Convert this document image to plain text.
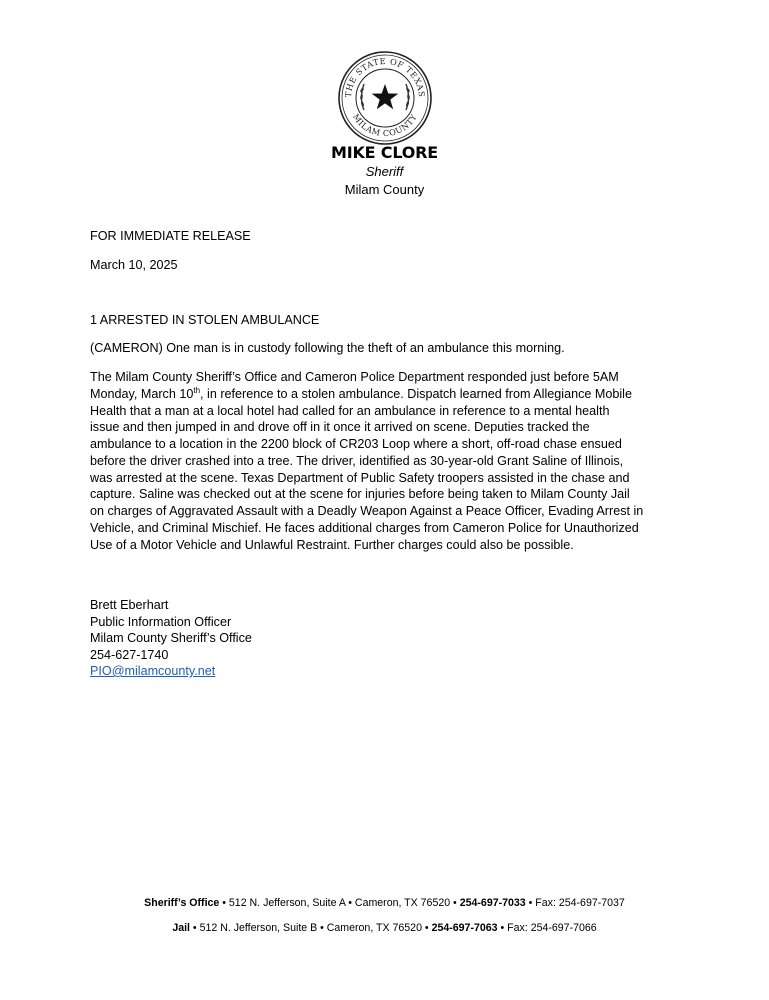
THE STATE OF TEXAS
MILAM COUNTY
MIKE CLORE
Sheriff
Milam County
FOR IMMEDIATE RELEASE
March 10, 2025
1 ARRESTED IN STOLEN AMBULANCE
(CAMERON) One man is in custody following the theft of an ambulance this morning.

The Milam County Sheriff’s Office and Cameron Police Department responded just before 5AM

Monday, March 10th, in reference to a stolen ambulance. Dispatch learned from Allegiance Mobile

Health that a man at a local hotel had called for an ambulance in reference to a mental health

issue and then jumped in and drove off in it once it arrived on scene. Deputies tracked the

ambulance to a location in the 2200 block of CR203 Loop where a short, off-road chase ensued

before the driver crashed into a tree. The driver, identified as 30-year-old Grant Saline of Illinois,

was arrested at the scene. Texas Department of Public Safety troopers assisted in the chase and

capture. Saline was checked out at the scene for injuries before being taken to Milam County Jail

on charges of Aggravated Assault with a Deadly Weapon Against a Peace Officer, Evading Arrest in

Vehicle, and Criminal Mischief. He faces additional charges from Cameron Police for Unauthorized

Use of a Motor Vehicle and Unlawful Restraint. Further charges could also be possible.

Brett Eberhart
Public Information Officer
Milam County Sheriff’s Office
254-627-1740
PIO@milamcounty.net
Sheriff’s Office • 512 N. Jefferson, Suite A • Cameron, TX 76520 • 254-697-7033 • Fax: 254-697-7037
Jail • 512 N. Jefferson, Suite B • Cameron, TX 76520 • 254-697-7063 • Fax: 254-697-7066
